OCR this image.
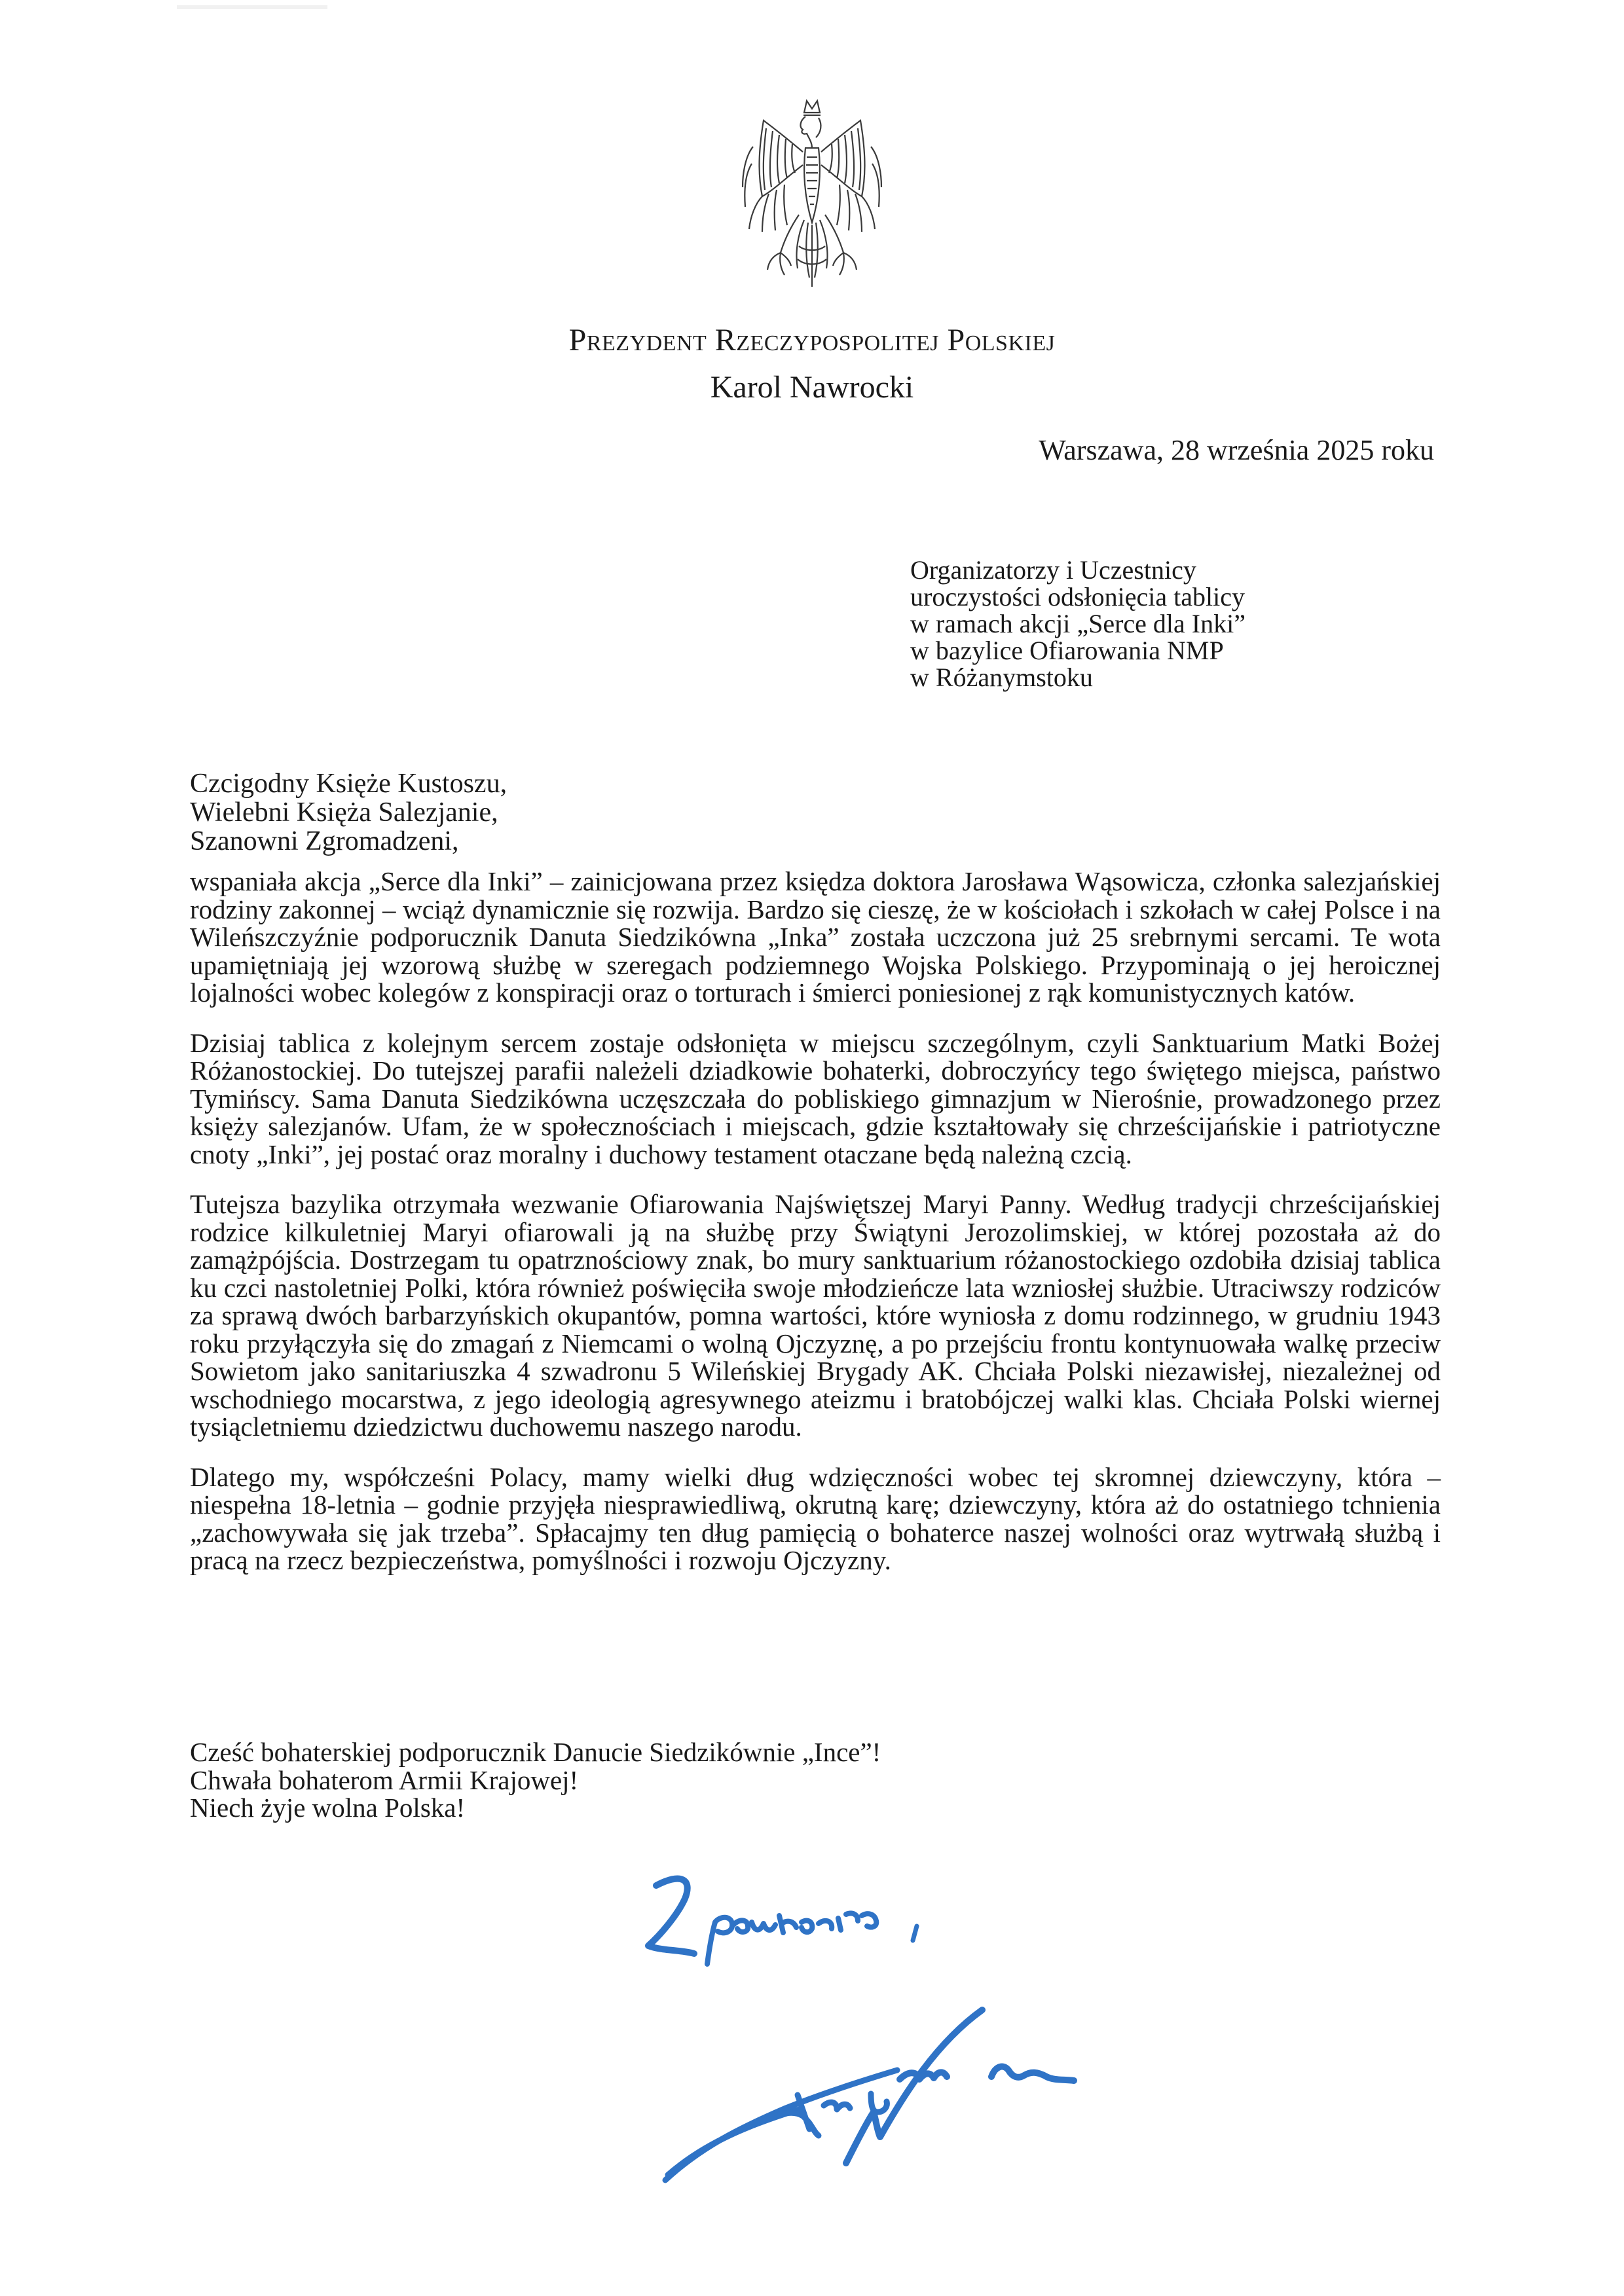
Prezydent Rzeczypospolitej Polskiej
Karol Nawrocki
Warszawa, 28 września 2025 roku
Organizatorzy i Uczestnicy
uroczystości odsłonięcia tablicy
w ramach akcji „Serce dla Inki”
w bazylice Ofiarowania NMP
w Różanymstoku
Czcigodny Księże Kustoszu,
Wielebni Księża Salezjanie,
Szanowni Zgromadzeni,

wspaniała akcja „Serce dla Inki” – zainicjowana przez księdza doktora Jarosława Wąsowicza, członka salezjańskiej rodziny zakonnej – wciąż dynamicznie się rozwija. Bardzo się cieszę, że w kościołach i szkołach w całej Polsce i na Wileńszczyźnie podporucznik Danuta Siedzikówna „Inka” została uczczona już 25 srebrnymi sercami. Te wota upamiętniają jej wzorową służbę w szeregach podziemnego Wojska Polskiego. Przypominają o jej heroicznej lojalności wobec kolegów z konspiracji oraz o torturach i śmierci poniesionej z rąk komunistycznych katów.

Dzisiaj tablica z kolejnym sercem zostaje odsłonięta w miejscu szczególnym, czyli Sanktuarium Matki Bożej Różanostockiej. Do tutejszej parafii należeli dziadkowie bohaterki, dobroczyńcy tego świętego miejsca, państwo Tymińscy. Sama Danuta Siedzikówna uczęszczała do pobliskiego gimnazjum w Nierośnie, prowadzonego przez księży salezjanów. Ufam, że w społecznościach i miejscach, gdzie kształtowały się chrześcijańskie i patriotyczne cnoty „Inki”, jej postać oraz moralny i duchowy testament otaczane będą należną czcią.

Tutejsza bazylika otrzymała wezwanie Ofiarowania Najświętszej Maryi Panny. Według tradycji chrześcijańskiej rodzice kilkuletniej Maryi ofiarowali ją na służbę przy Świątyni Jerozolimskiej, w której pozostała aż do zamążpójścia. Dostrzegam tu opatrznościowy znak, bo mury sanktuarium różanostockiego ozdobiła dzisiaj tablica ku czci nastoletniej Polki, która również poświęciła swoje młodzieńcze lata wzniosłej służbie. Utraciwszy rodziców za sprawą dwóch barbarzyńskich okupantów, pomna wartości, które wyniosła z domu rodzinnego, w grudniu 1943 roku przyłączyła się do zmagań z Niemcami o wolną Ojczyznę, a po przejściu frontu kontynuowała walkę przeciw Sowietom jako sanitariuszka 4 szwadronu 5 Wileńskiej Brygady AK. Chciała Polski niezawisłej, niezależnej od wschodniego mocarstwa, z jego ideologią agresywnego ateizmu i bratobójczej walki klas. Chciała Polski wiernej tysiącletniemu dziedzictwu duchowemu naszego narodu.

Dlatego my, współcześni Polacy, mamy wielki dług wdzięczności wobec tej skromnej dziewczyny, która – niespełna 18-letnia – godnie przyjęła niesprawiedliwą, okrutną karę; dziewczyny, która aż do ostatniego tchnienia „zachowywała się jak trzeba”. Spłacajmy ten dług pamięcią o bohaterce naszej wolności oraz wytrwałą służbą i pracą na rzecz bezpieczeństwa, pomyślności i rozwoju Ojczyzny.

Cześć bohaterskiej podporucznik Danucie Siedzikównie „Ince”!
Chwała bohaterom Armii Krajowej!
Niech żyje wolna Polska!
